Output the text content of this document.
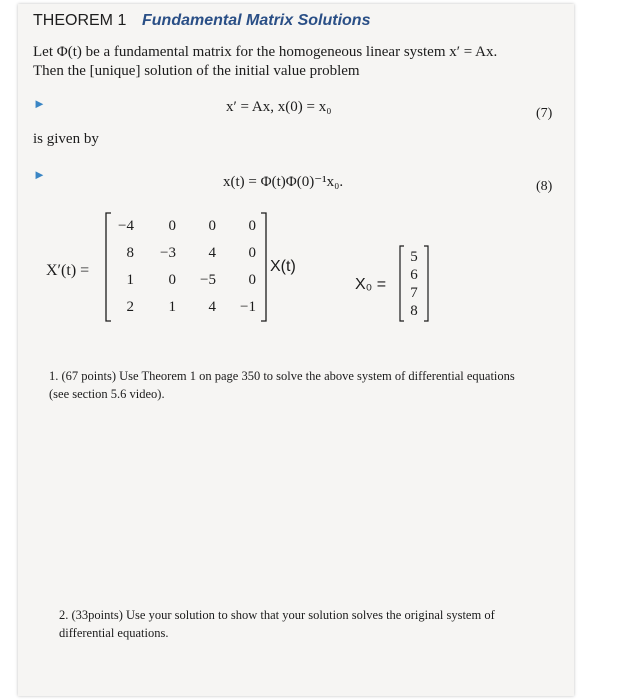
THEOREM 1 Fundamental Matrix Solutions
Let Φ(t) be a fundamental matrix for the homogeneous linear system x′ = Ax.
Then the [unique] solution of the initial value problem
►	x′ = Ax, x(0) = x₀	(7)
is given by
►	x(t) = Φ(t)Φ(0)⁻¹x₀.	(8)
X′(t) =
−4 0 0 0
8 −3 4 0
1 0 −5 0
2 1 4 −1
X(t)
X₀ =
5
6
7
8
1. (67 points) Use Theorem 1 on page 350 to solve the above system of differential equations
(see section 5.6 video).
2. (33points) Use your solution to show that your solution solves the original system of
differential equations.
